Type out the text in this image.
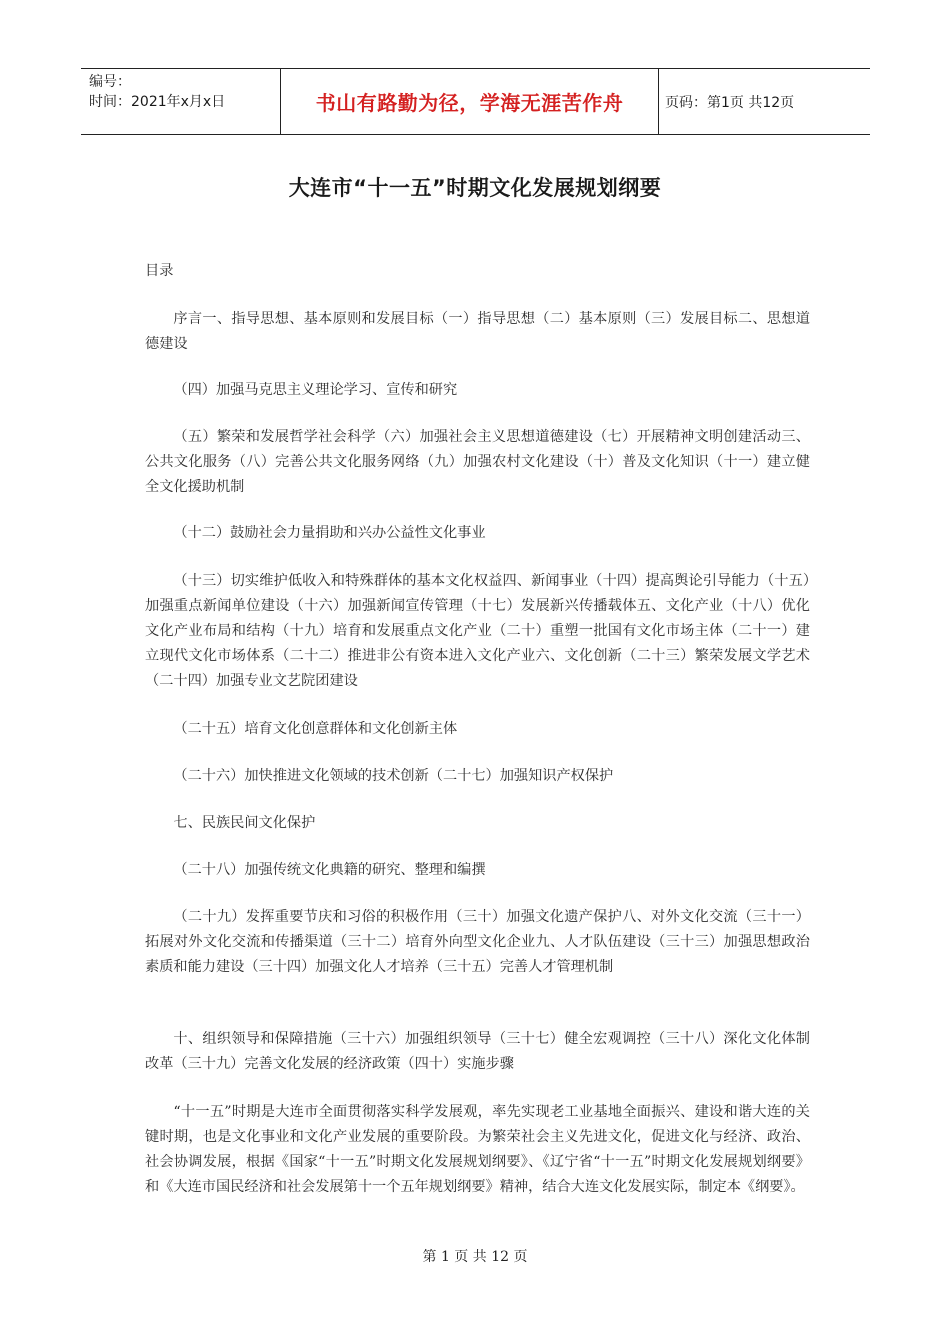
编号：
时间：2021年x月x日	书山有路勤为径，学海无涯苦作舟	页码：第1页 共12页
大连市“十一五”时期文化发展规划纲要
目录

序言一、指导思想、基本原则和发展目标（一）指导思想（二）基本原则（三）发展目标二、思想道德建设

（四）加强马克思主义理论学习、宣传和研究

（五）繁荣和发展哲学社会科学（六）加强社会主义思想道德建设（七）开展精神文明创建活动三、公共文化服务（八）完善公共文化服务网络（九）加强农村文化建设（十）普及文化知识（十一）建立健全文化援助机制

（十二）鼓励社会力量捐助和兴办公益性文化事业

（十三）切实维护低收入和特殊群体的基本文化权益四、新闻事业（十四）提高舆论引导能力（十五）加强重点新闻单位建设（十六）加强新闻宣传管理（十七）发展新兴传播载体五、文化产业（十八）优化文化产业布局和结构（十九）培育和发展重点文化产业（二十）重塑一批国有文化市场主体（二十一）建立现代文化市场体系（二十二）推进非公有资本进入文化产业六、文化创新（二十三）繁荣发展文学艺术（二十四）加强专业文艺院团建设

（二十五）培育文化创意群体和文化创新主体

（二十六）加快推进文化领域的技术创新（二十七）加强知识产权保护

七、民族民间文化保护

（二十八）加强传统文化典籍的研究、整理和编撰

（二十九）发挥重要节庆和习俗的积极作用（三十）加强文化遗产保护八、对外文化交流（三十一）拓展对外文化交流和传播渠道（三十二）培育外向型文化企业九、人才队伍建设（三十三）加强思想政治素质和能力建设（三十四）加强文化人才培养（三十五）完善人才管理机制

十、组织领导和保障措施（三十六）加强组织领导（三十七）健全宏观调控（三十八）深化文化体制改革（三十九）完善文化发展的经济政策（四十）实施步骤

“十一五”时期是大连市全面贯彻落实科学发展观，率先实现老工业基地全面振兴、建设和谐大连的关键时期，也是文化事业和文化产业发展的重要阶段。为繁荣社会主义先进文化，促进文化与经济、政治、社会协调发展，根据《国家“十一五”时期文化发展规划纲要》、《辽宁省“十一五”时期文化发展规划纲要》和《大连市国民经济和社会发展第十一个五年规划纲要》精神，结合大连文化发展实际，制定本《纲要》。

第 1 页 共 12 页
